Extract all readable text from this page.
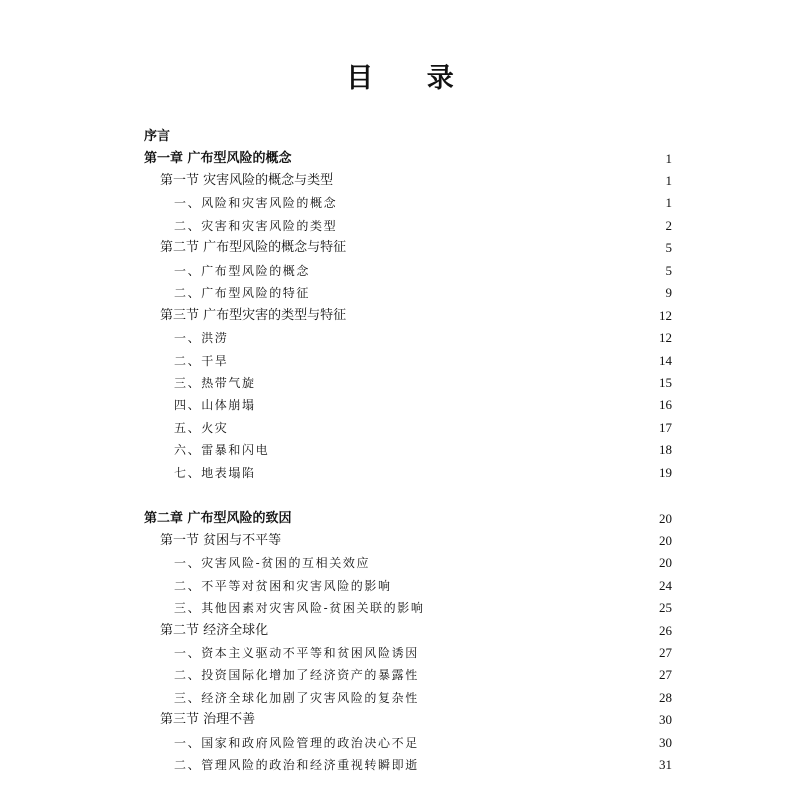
目 录
序言
第一章 广布型风险的概念	1
第一节 灾害风险的概念与类型	1
一、风险和灾害风险的概念	1
二、灾害和灾害风险的类型	2
第二节 广布型风险的概念与特征	5
一、广布型风险的概念	5
二、广布型风险的特征	9
第三节 广布型灾害的类型与特征	12
一、洪涝	12
二、干旱	14
三、热带气旋	15
四、山体崩塌	16
五、火灾	17
六、雷暴和闪电	18
七、地表塌陷	19
第二章 广布型风险的致因	20
第一节 贫困与不平等	20
一、灾害风险-贫困的互相关效应	20
二、不平等对贫困和灾害风险的影响	24
三、其他因素对灾害风险-贫困关联的影响	25
第二节 经济全球化	26
一、资本主义驱动不平等和贫困风险诱因	27
二、投资国际化增加了经济资产的暴露性	27
三、经济全球化加剧了灾害风险的复杂性	28
第三节 治理不善	30
一、国家和政府风险管理的政治决心不足	30
二、管理风险的政治和经济重视转瞬即逝	31
